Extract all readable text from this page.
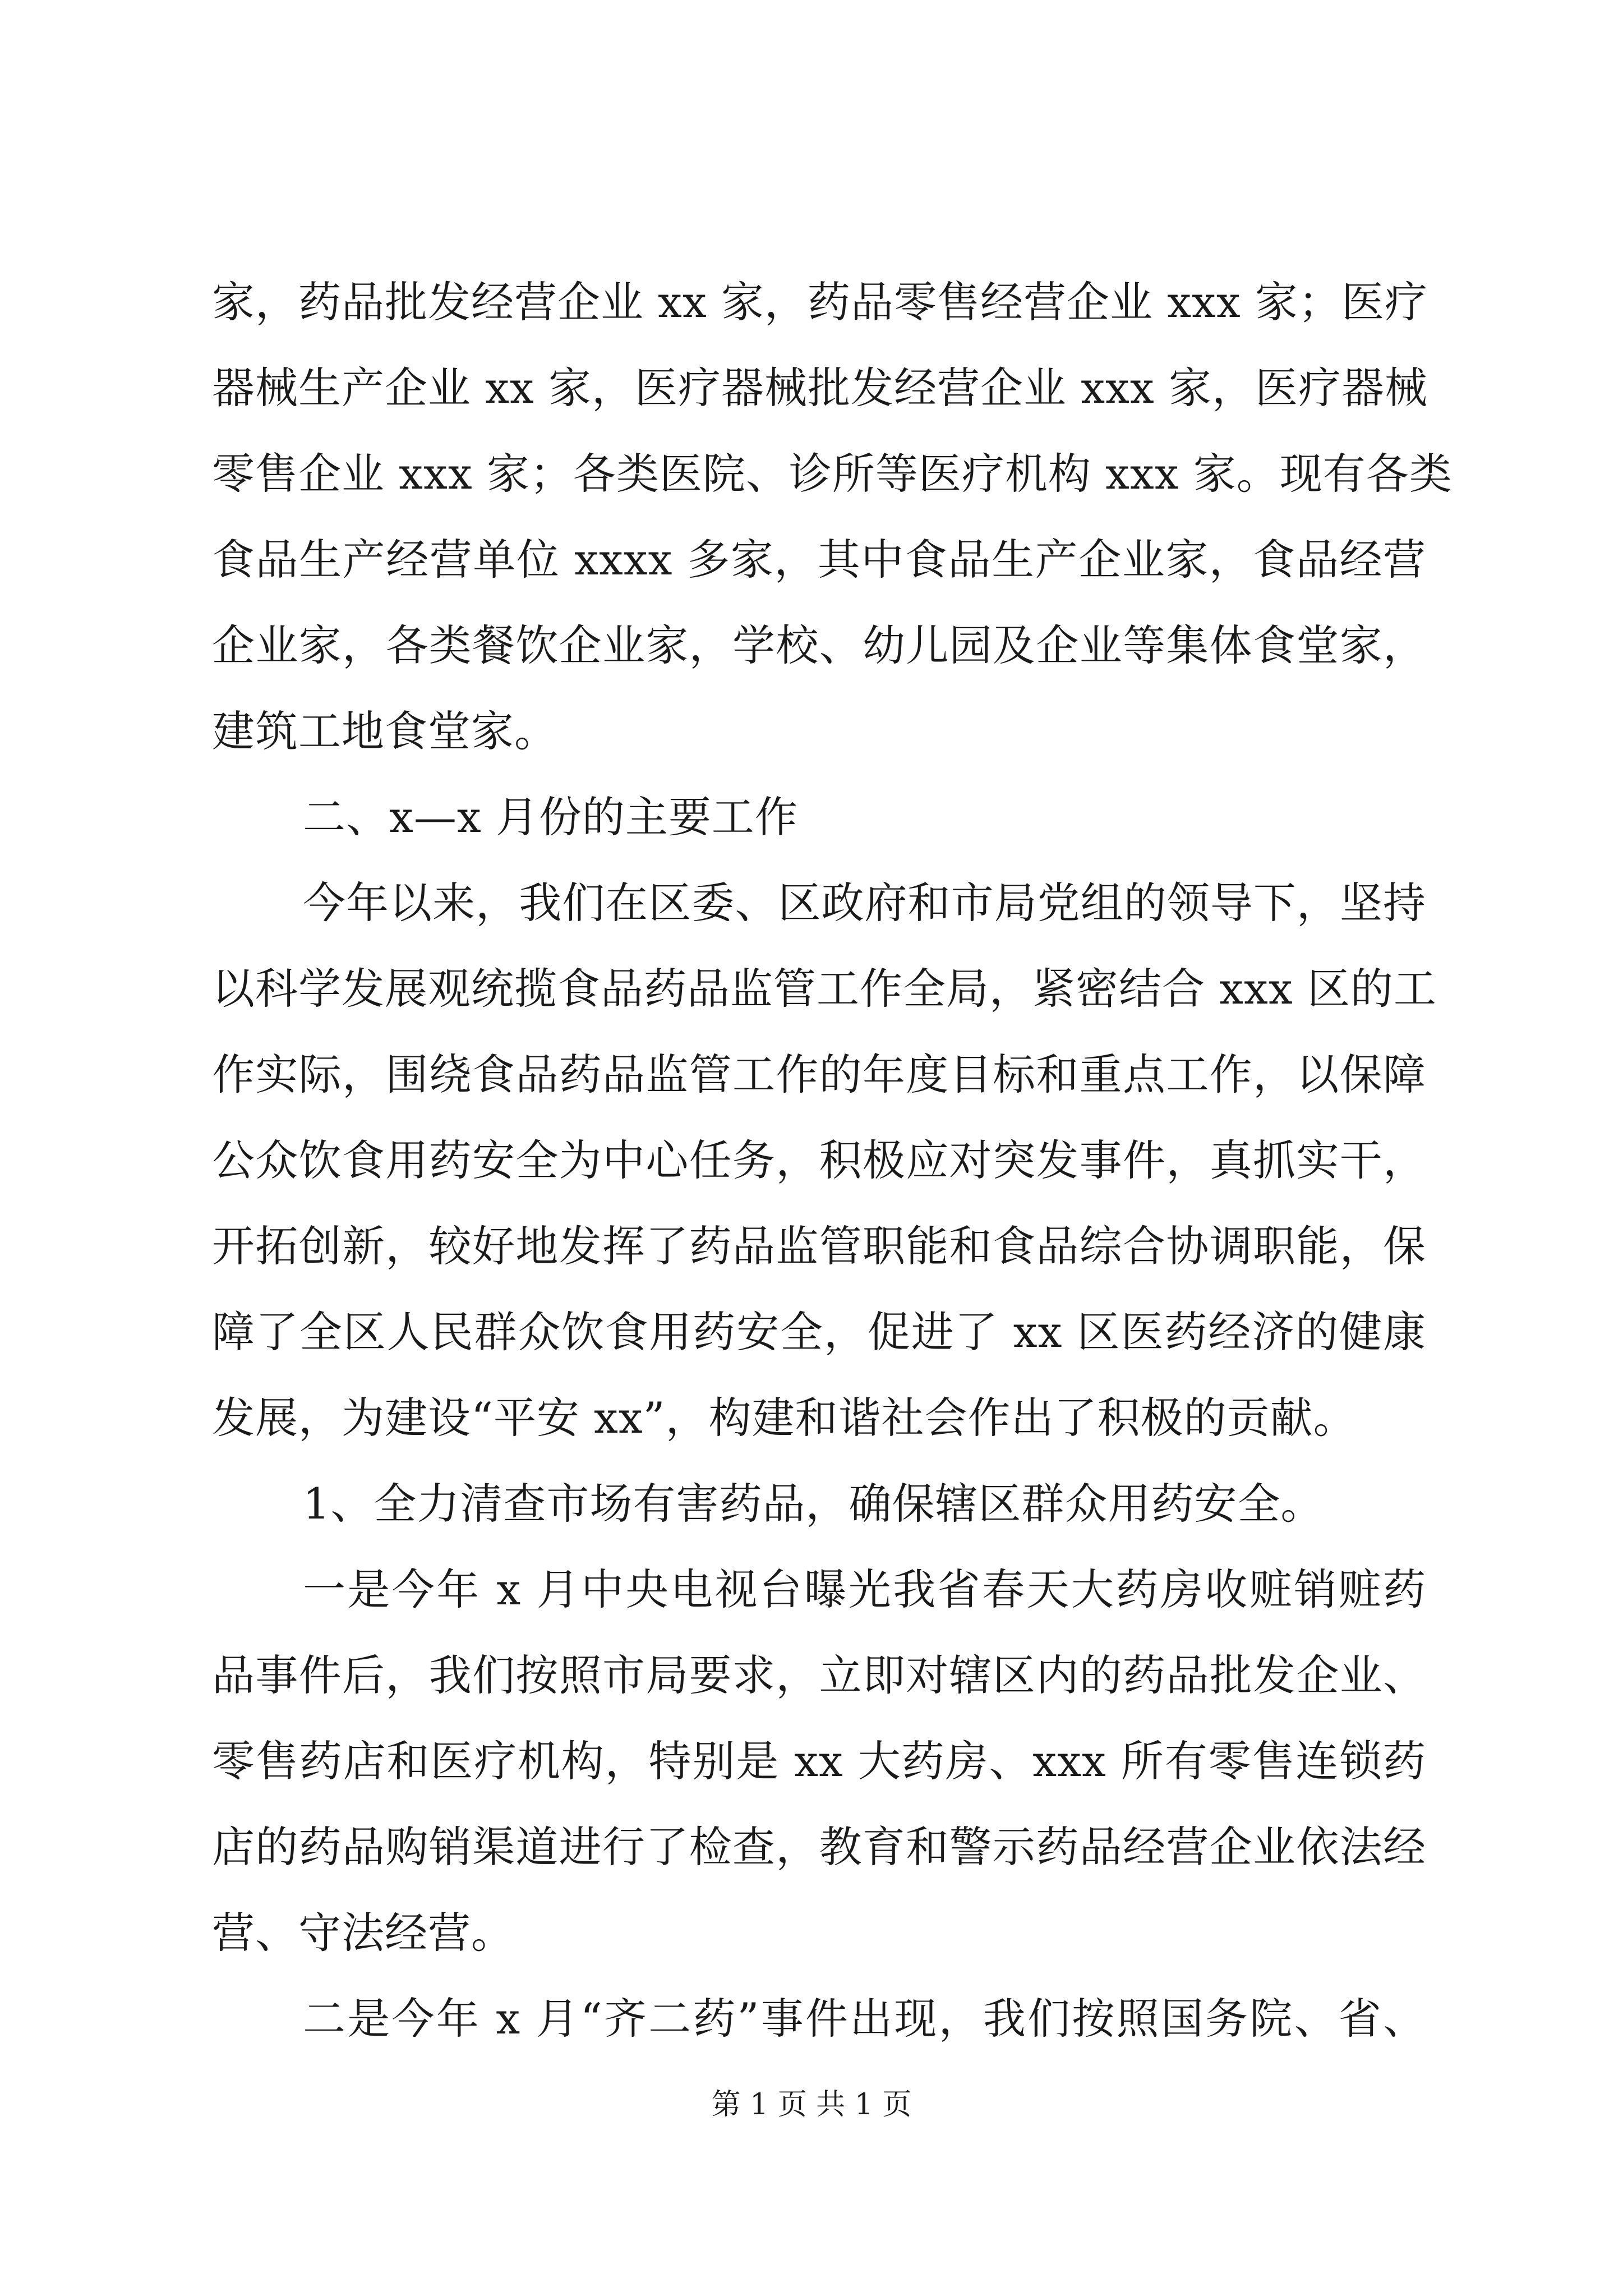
家，药品批发经营企业 xx 家，药品零售经营企业 xxx 家；医疗
器械生产企业 xx 家，医疗器械批发经营企业 xxx 家，医疗器械
零售企业 xxx 家；各类医院、诊所等医疗机构 xxx 家。现有各类
食品生产经营单位 xxxx 多家，其中食品生产企业家，食品经营
企业家，各类餐饮企业家，学校、幼儿园及企业等集体食堂家，
建筑工地食堂家。
二、x—x 月份的主要工作
今年以来，我们在区委、区政府和市局党组的领导下，坚持
以科学发展观统揽食品药品监管工作全局，紧密结合 xxx 区的工
作实际，围绕食品药品监管工作的年度目标和重点工作，以保障
公众饮食用药安全为中心任务，积极应对突发事件，真抓实干，
开拓创新，较好地发挥了药品监管职能和食品综合协调职能，保
障了全区人民群众饮食用药安全，促进了 xx 区医药经济的健康
发展，为建设“平安 xx”，构建和谐社会作出了积极的贡献。
1、全力清查市场有害药品，确保辖区群众用药安全。
一是今年 x 月中央电视台曝光我省春天大药房收赃销赃药
品事件后，我们按照市局要求，立即对辖区内的药品批发企业、
零售药店和医疗机构，特别是 xx 大药房、xxx 所有零售连锁药
店的药品购销渠道进行了检查，教育和警示药品经营企业依法经
营、守法经营。
二是今年 x 月“齐二药”事件出现，我们按照国务院、省、
第 1 页 共 1 页
